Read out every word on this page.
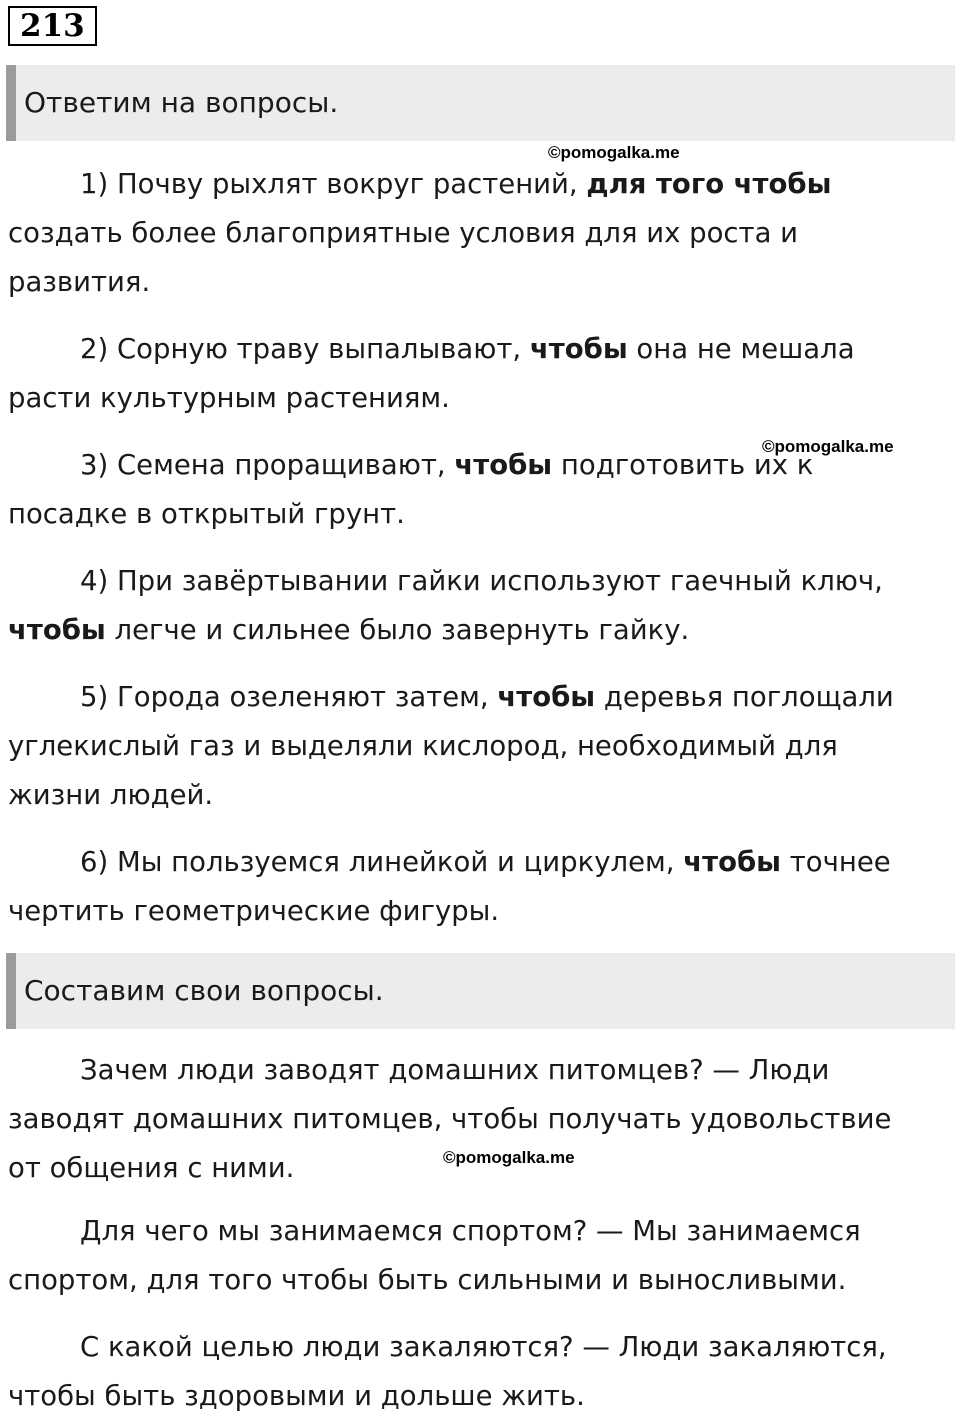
213
Ответим на вопросы.
©pomogalka.me
1) Почву рыхлят вокруг растений, для того чтобы
создать более благоприятные условия для их роста и
развития.
2) Сорную траву выпалывают, чтобы она не мешала
расти культурным растениям.
3) Семена проращивают, чтобы подготовить их к
посадке в открытый грунт.
©pomogalka.me
4) При завёртывании гайки используют гаечный ключ,
чтобы легче и сильнее было завернуть гайку.
5) Города озеленяют затем, чтобы деревья поглощали
углекислый газ и выделяли кислород, необходимый для
жизни людей.
6) Мы пользуемся линейкой и циркулем, чтобы точнее
чертить геометрические фигуры.
Составим свои вопросы.
Зачем люди заводят домашних питомцев? — Люди
заводят домашних питомцев, чтобы получать удовольствие
от общения с ними.	©pomogalka.me
Для чего мы занимаемся спортом? — Мы занимаемся
спортом, для того чтобы быть сильными и выносливыми.
С какой целью люди закаляются? — Люди закаляются,
чтобы быть здоровыми и дольше жить.
